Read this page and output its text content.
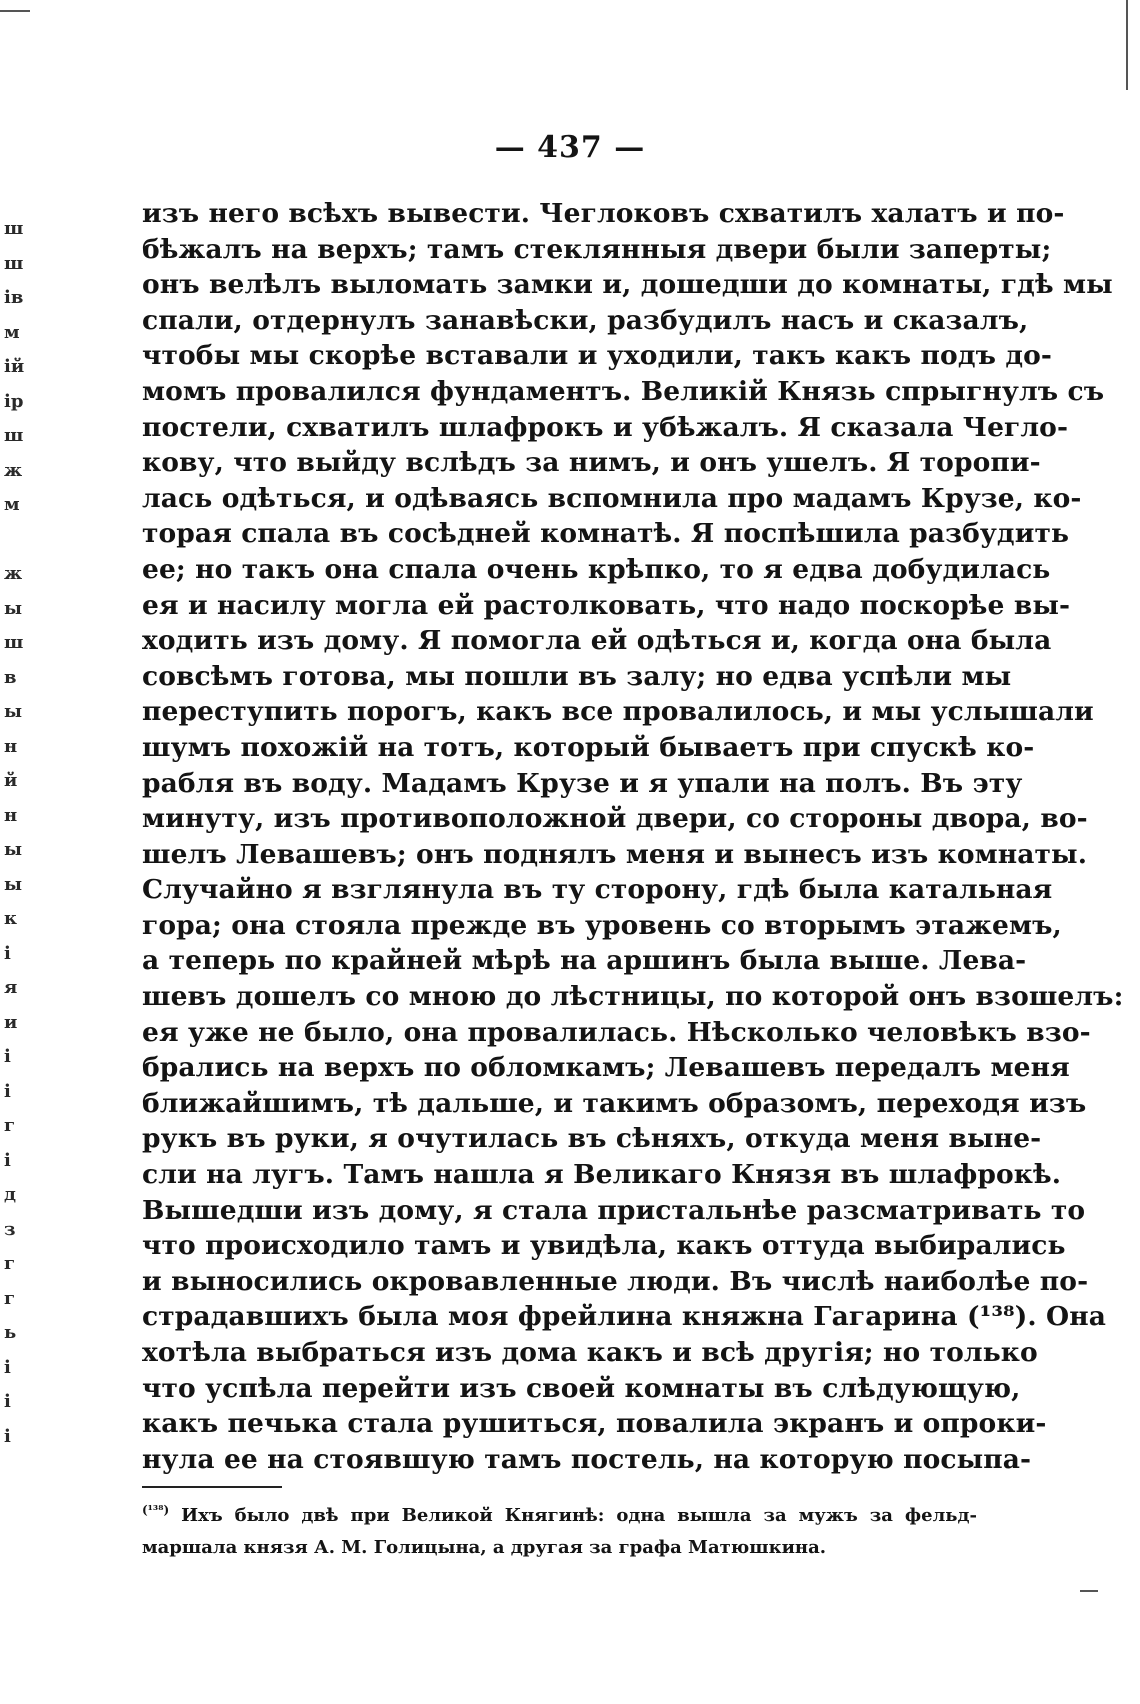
— 437 —
ш
ш
ів
м
ій
ір
ш
ж
м
ж
ы
ш
в
ы
н
й
н
ы
ы
к
і
я
и
і
і
г
і
д
з
г
г
ь
і
і
і
изъ него всѣхъ вывести. Чеглоковъ схватилъ халатъ и по-
бѣжалъ на верхъ; тамъ стеклянныя двери были заперты;
онъ велѣлъ выломать замки и, дошедши до комнаты, гдѣ мы
спали, отдернулъ занавѣски, разбудилъ насъ и сказалъ,
чтобы мы скорѣе вставали и уходили, такъ какъ подъ до-
момъ провалился фундаментъ. Великій Князь спрыгнулъ съ
постели, схватилъ шлафрокъ и убѣжалъ. Я сказала Чегло-
кову, что выйду вслѣдъ за нимъ, и онъ ушелъ. Я торопи-
лась одѣться, и одѣваясь вспомнила про мадамъ Крузе, ко-
торая спала въ сосѣдней комнатѣ. Я поспѣшила разбудить
ее; но такъ она спала очень крѣпко, то я едва добудилась
ея и насилу могла ей растолковать, что надо поскорѣе вы-
ходить изъ дому. Я помогла ей одѣться и, когда она была
совсѣмъ готова, мы пошли въ залу; но едва успѣли мы
переступить порогъ, какъ все провалилось, и мы услышали
шумъ похожій на тотъ, который бываетъ при спускѣ ко-
рабля въ воду. Мадамъ Крузе и я упали на полъ. Въ эту
минуту, изъ противоположной двери, со стороны двора, во-
шелъ Левашевъ; онъ поднялъ меня и вынесъ изъ комнаты.
Случайно я взглянула въ ту сторону, гдѣ была катальная
гора; она стояла прежде въ уровень со вторымъ этажемъ,
а теперь по крайней мѣрѣ на аршинъ была выше. Лева-
шевъ дошелъ со мною до лѣстницы, по которой онъ взошелъ:
ея уже не было, она провалилась. Нѣсколько человѣкъ взо-
брались на верхъ по обломкамъ; Левашевъ передалъ меня
ближайшимъ, тѣ дальше, и такимъ образомъ, переходя изъ
рукъ въ руки, я очутилась въ сѣняхъ, откуда меня выне-
сли на лугъ. Тамъ нашла я Великаго Князя въ шлафрокѣ.
Вышедши изъ дому, я стала пристальнѣе разсматривать то
что происходило тамъ и увидѣла, какъ оттуда выбирались
и выносились окровавленные люди. Въ числѣ наиболѣе по-
страдавшихъ была моя фрейлина княжна Гагарина (¹³⁸). Она
хотѣла выбраться изъ дома какъ и всѣ другія; но только
что успѣла перейти изъ своей комнаты въ слѣдующую,
какъ печька стала рушиться, повалила экранъ и опроки-
нула ее на стоявшую тамъ постель, на которую посыпа-
$^{(^{138})}$ Ихъ было двѣ при Великой Княгинѣ: одна вышла за мужъ за фельд-
маршала князя А. М. Голицына, а другая за графа Матюшкина.
